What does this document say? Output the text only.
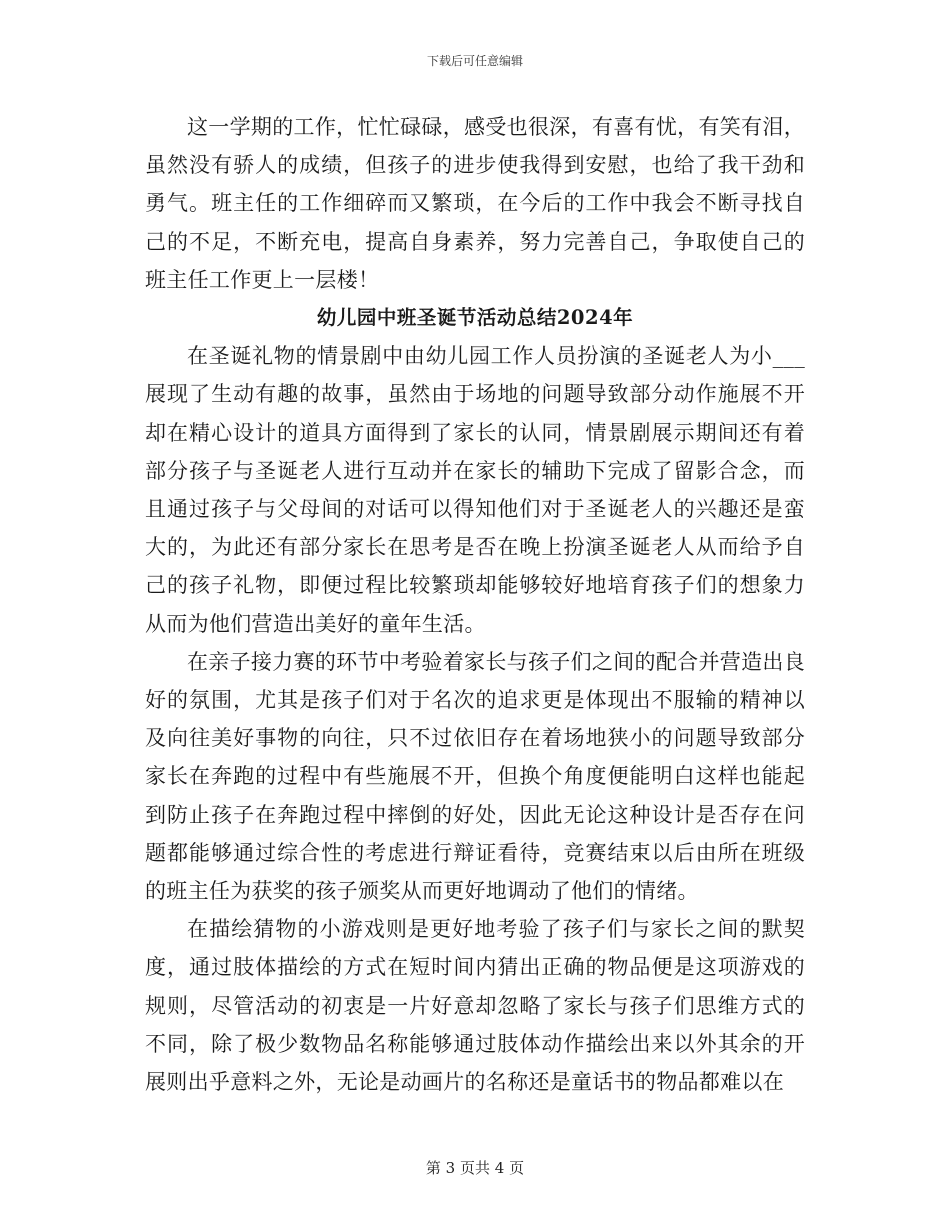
下载后可任意编辑

这一学期的工作，忙忙碌碌，感受也很深，有喜有忧，有笑有泪，虽然没有骄人的成绩，但孩子的进步使我得到安慰，也给了我干劲和勇气。班主任的工作细碎而又繁琐，在今后的工作中我会不断寻找自己的不足，不断充电，提高自身素养，努力完善自己，争取使自己的班主任工作更上一层楼！

幼儿园中班圣诞节活动总结2024年

在圣诞礼物的情景剧中由幼儿园工作人员扮演的圣诞老人为小___展现了生动有趣的故事，虽然由于场地的问题导致部分动作施展不开却在精心设计的道具方面得到了家长的认同，情景剧展示期间还有着部分孩子与圣诞老人进行互动并在家长的辅助下完成了留影合念，而且通过孩子与父母间的对话可以得知他们对于圣诞老人的兴趣还是蛮大的，为此还有部分家长在思考是否在晚上扮演圣诞老人从而给予自己的孩子礼物，即便过程比较繁琐却能够较好地培育孩子们的想象力从而为他们营造出美好的童年生活。

在亲子接力赛的环节中考验着家长与孩子们之间的配合并营造出良好的氛围，尤其是孩子们对于名次的追求更是体现出不服输的精神以及向往美好事物的向往，只不过依旧存在着场地狭小的问题导致部分家长在奔跑的过程中有些施展不开，但换个角度便能明白这样也能起到防止孩子在奔跑过程中摔倒的好处，因此无论这种设计是否存在问题都能够通过综合性的考虑进行辩证看待，竞赛结束以后由所在班级的班主任为获奖的孩子颁奖从而更好地调动了他们的情绪。

在描绘猜物的小游戏则是更好地考验了孩子们与家长之间的默契度，通过肢体描绘的方式在短时间内猜出正确的物品便是这项游戏的规则，尽管活动的初衷是一片好意却忽略了家长与孩子们思维方式的不同，除了极少数物品名称能够通过肢体动作描绘出来以外其余的开展则出乎意料之外，无论是动画片的名称还是童话书的物品都难以在

第 3 页共 4 页
